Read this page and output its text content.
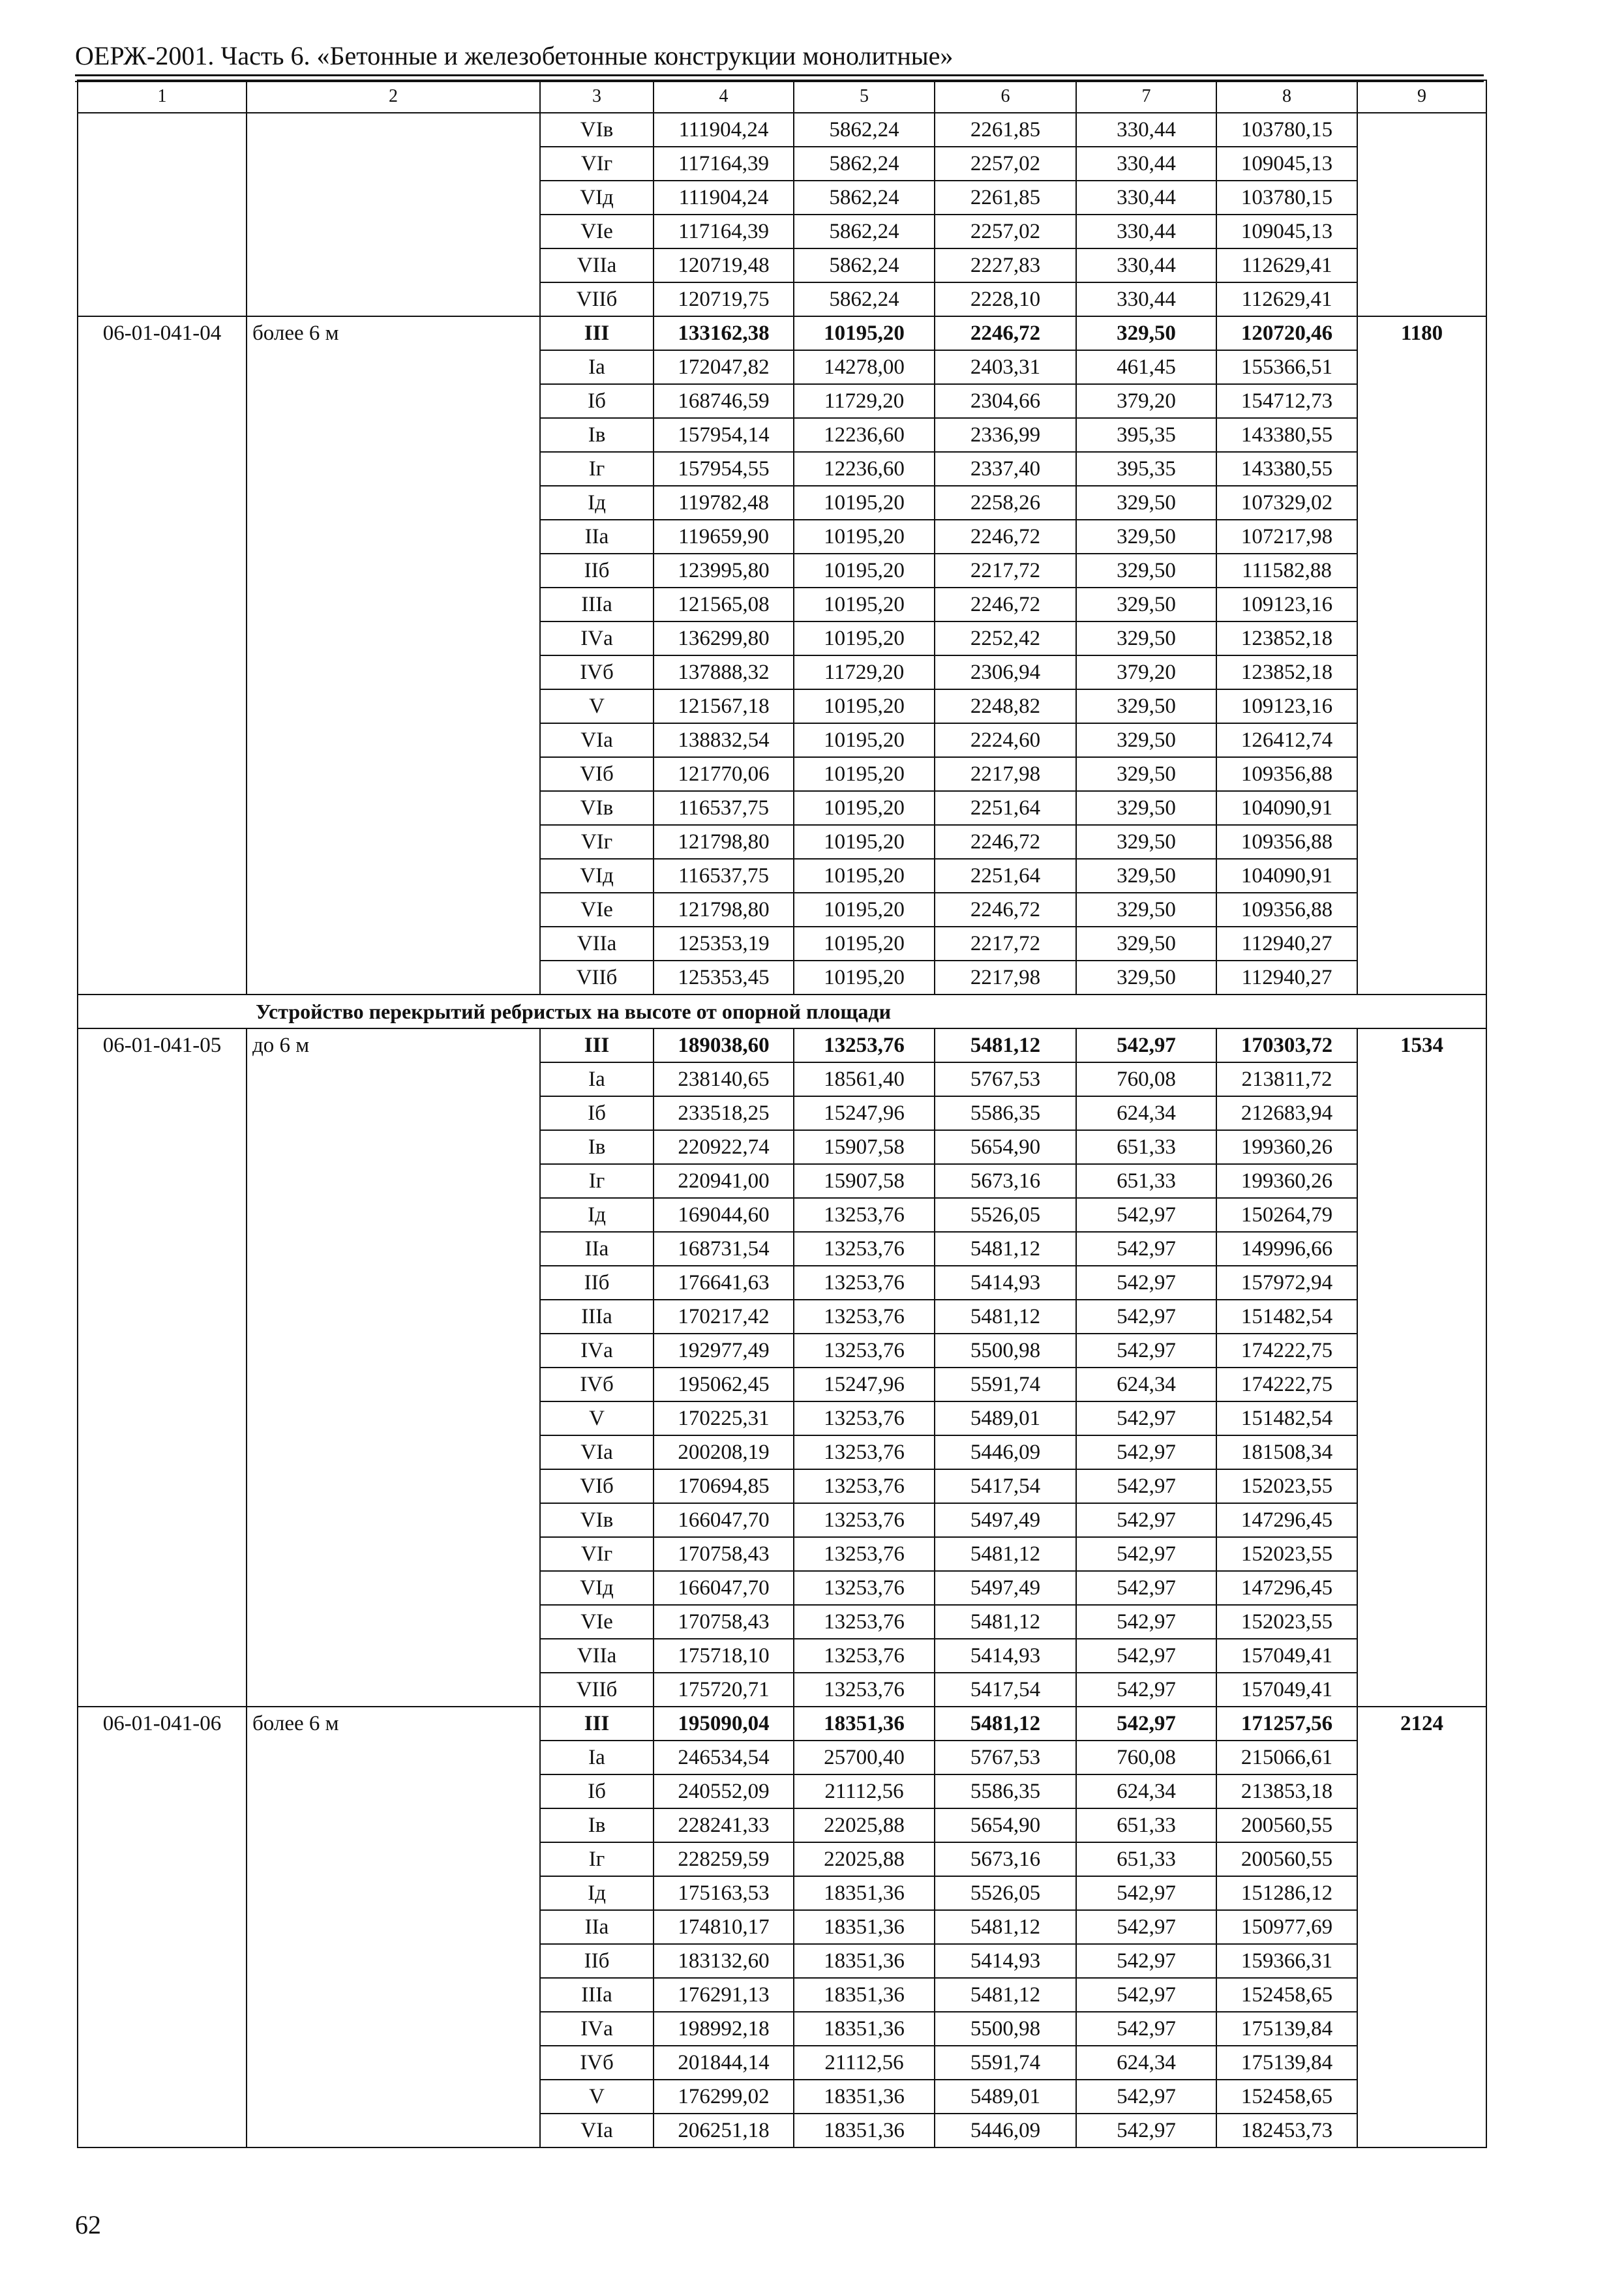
ОЕРЖ-2001. Часть 6. «Бетонные и железобетонные конструкции монолитные»
1	2	3	4	5	6	7	8	9
		VIв	111904,24	5862,24	2261,85	330,44	103780,15	
		VIг	117164,39	5862,24	2257,02	330,44	109045,13	
		VIд	111904,24	5862,24	2261,85	330,44	103780,15	
		VIе	117164,39	5862,24	2257,02	330,44	109045,13	
		VIIа	120719,48	5862,24	2227,83	330,44	112629,41	
		VIIб	120719,75	5862,24	2228,10	330,44	112629,41	
06-01-041-04	более 6 м	III	133162,38	10195,20	2246,72	329,50	120720,46	1180
		Iа	172047,82	14278,00	2403,31	461,45	155366,51	
		Iб	168746,59	11729,20	2304,66	379,20	154712,73	
		Iв	157954,14	12236,60	2336,99	395,35	143380,55	
		Iг	157954,55	12236,60	2337,40	395,35	143380,55	
		Iд	119782,48	10195,20	2258,26	329,50	107329,02	
		IIа	119659,90	10195,20	2246,72	329,50	107217,98	
		IIб	123995,80	10195,20	2217,72	329,50	111582,88	
		IIIа	121565,08	10195,20	2246,72	329,50	109123,16	
		IVа	136299,80	10195,20	2252,42	329,50	123852,18	
		IVб	137888,32	11729,20	2306,94	379,20	123852,18	
		V	121567,18	10195,20	2248,82	329,50	109123,16	
		VIа	138832,54	10195,20	2224,60	329,50	126412,74	
		VIб	121770,06	10195,20	2217,98	329,50	109356,88	
		VIв	116537,75	10195,20	2251,64	329,50	104090,91	
		VIг	121798,80	10195,20	2246,72	329,50	109356,88	
		VIд	116537,75	10195,20	2251,64	329,50	104090,91	
		VIе	121798,80	10195,20	2246,72	329,50	109356,88	
		VIIа	125353,19	10195,20	2217,72	329,50	112940,27	
		VIIб	125353,45	10195,20	2217,98	329,50	112940,27	
Устройство перекрытий ребристых на высоте от опорной площади								
06-01-041-05	до 6 м	III	189038,60	13253,76	5481,12	542,97	170303,72	1534
		Iа	238140,65	18561,40	5767,53	760,08	213811,72	
		Iб	233518,25	15247,96	5586,35	624,34	212683,94	
		Iв	220922,74	15907,58	5654,90	651,33	199360,26	
		Iг	220941,00	15907,58	5673,16	651,33	199360,26	
		Iд	169044,60	13253,76	5526,05	542,97	150264,79	
		IIа	168731,54	13253,76	5481,12	542,97	149996,66	
		IIб	176641,63	13253,76	5414,93	542,97	157972,94	
		IIIа	170217,42	13253,76	5481,12	542,97	151482,54	
		IVа	192977,49	13253,76	5500,98	542,97	174222,75	
		IVб	195062,45	15247,96	5591,74	624,34	174222,75	
		V	170225,31	13253,76	5489,01	542,97	151482,54	
		VIа	200208,19	13253,76	5446,09	542,97	181508,34	
		VIб	170694,85	13253,76	5417,54	542,97	152023,55	
		VIв	166047,70	13253,76	5497,49	542,97	147296,45	
		VIг	170758,43	13253,76	5481,12	542,97	152023,55	
		VIд	166047,70	13253,76	5497,49	542,97	147296,45	
		VIе	170758,43	13253,76	5481,12	542,97	152023,55	
		VIIа	175718,10	13253,76	5414,93	542,97	157049,41	
		VIIб	175720,71	13253,76	5417,54	542,97	157049,41	
06-01-041-06	более 6 м	III	195090,04	18351,36	5481,12	542,97	171257,56	2124
		Iа	246534,54	25700,40	5767,53	760,08	215066,61	
		Iб	240552,09	21112,56	5586,35	624,34	213853,18	
		Iв	228241,33	22025,88	5654,90	651,33	200560,55	
		Iг	228259,59	22025,88	5673,16	651,33	200560,55	
		Iд	175163,53	18351,36	5526,05	542,97	151286,12	
		IIа	174810,17	18351,36	5481,12	542,97	150977,69	
		IIб	183132,60	18351,36	5414,93	542,97	159366,31	
		IIIа	176291,13	18351,36	5481,12	542,97	152458,65	
		IVа	198992,18	18351,36	5500,98	542,97	175139,84	
		IVб	201844,14	21112,56	5591,74	624,34	175139,84	
		V	176299,02	18351,36	5489,01	542,97	152458,65	
		VIа	206251,18	18351,36	5446,09	542,97	182453,73	
62
